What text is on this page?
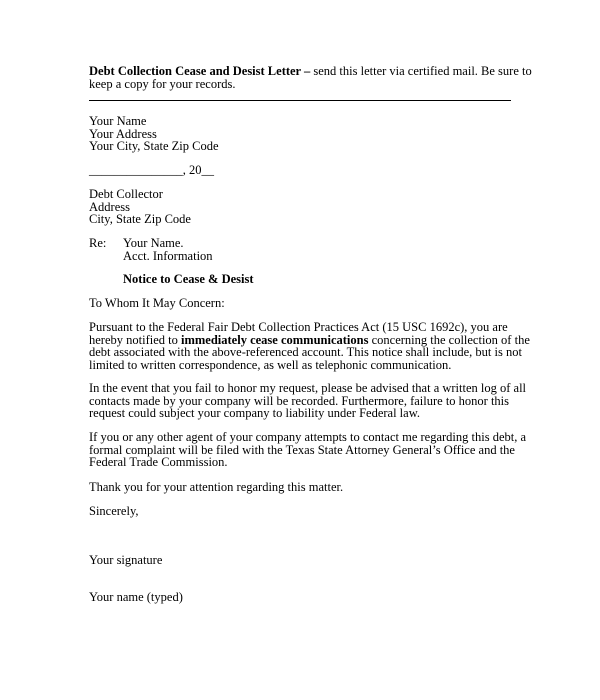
Debt Collection Cease and Desist Letter – send this letter via certified mail. Be sure to
keep a copy for your records.
Your Name
Your Address
Your City, State Zip Code
_______________, 20__
Debt Collector
Address
City, State Zip Code
Re:	Your Name.
Acct. Information
Notice to Cease & Desist
To Whom It May Concern:
Pursuant to the Federal Fair Debt Collection Practices Act (15 USC 1692c), you are
hereby notified to immediately cease communications concerning the collection of the
debt associated with the above-referenced account. This notice shall include, but is not
limited to written correspondence, as well as telephonic communication.
In the event that you fail to honor my request, please be advised that a written log of all
contacts made by your company will be recorded. Furthermore, failure to honor this
request could subject your company to liability under Federal law.
If you or any other agent of your company attempts to contact me regarding this debt, a
formal complaint will be filed with the Texas State Attorney General’s Office and the
Federal Trade Commission.
Thank you for your attention regarding this matter.
Sincerely,
Your signature
Your name (typed)
